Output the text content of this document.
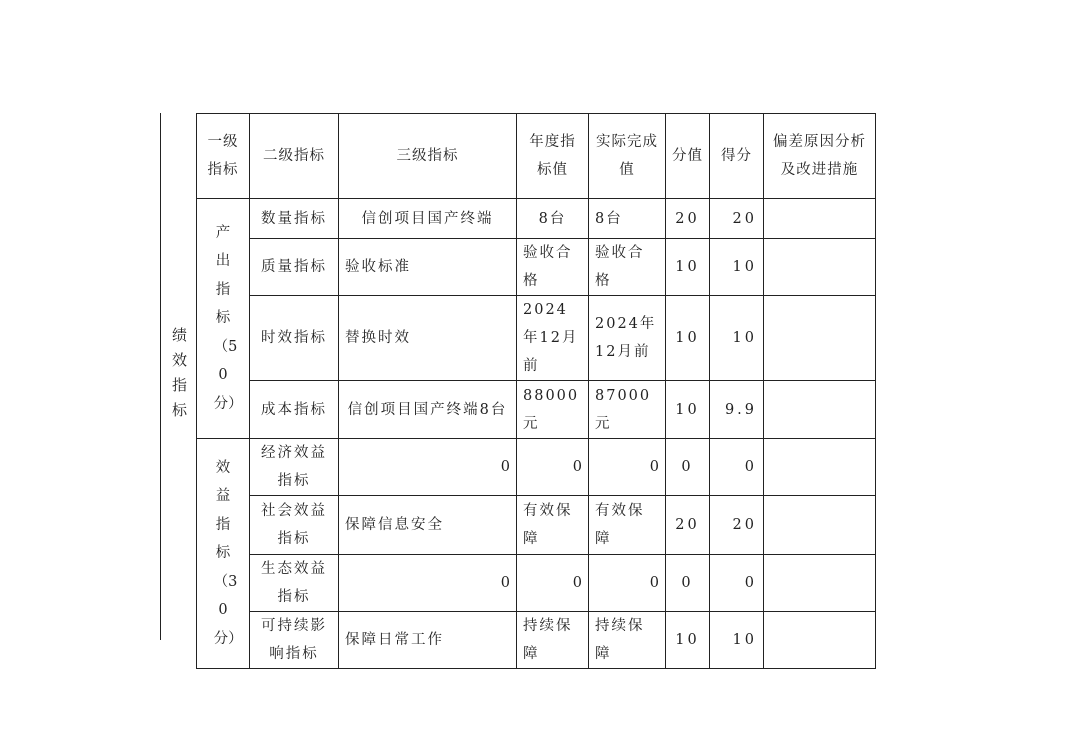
绩效指标
一级指标	二级指标	三级指标	年度指标值	实际完成值	分值	得分	偏差原因分析及改进措施
产出指标（50分）	数量指标	信创项目国产终端	8台	8台	20	20	
	质量指标	验收标准	验收合格	验收合格	10	10	
	时效指标	替换时效	2024年12月前	2024年12月前	10	10	
	成本指标	信创项目国产终端8台	88000元	87000元	10	9.9	
效益指标（30分）	经济效益指标	0	0	0	0	0	
	社会效益指标	保障信息安全	有效保障	有效保障	20	20	
	生态效益指标	0	0	0	0	0	
	可持续影响指标	保障日常工作	持续保障	持续保障	10	10	
